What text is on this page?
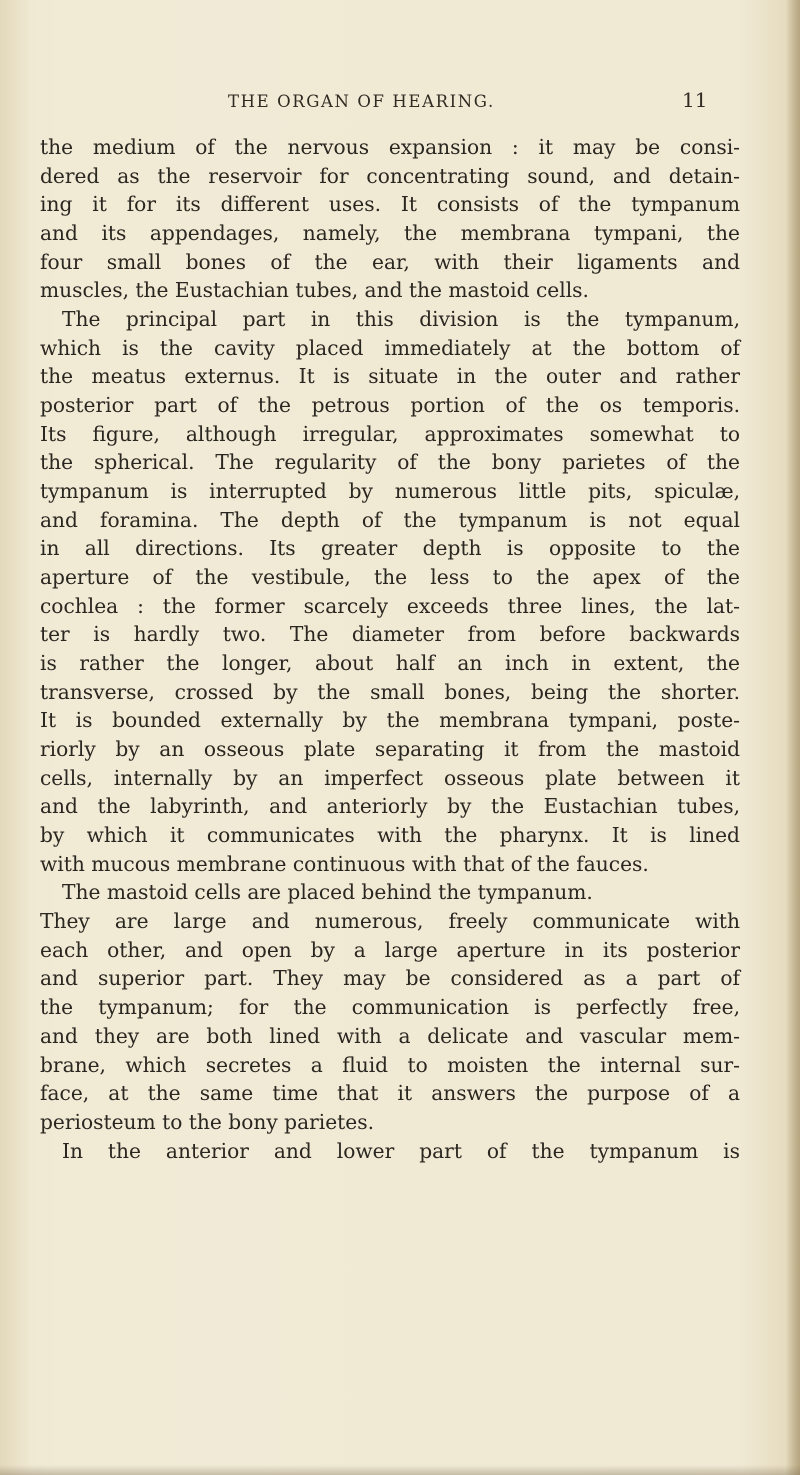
THE ORGAN OF HEARING.	11
the medium of the nervous expansion : it may be consi-
dered as the reservoir for concentrating sound, and detain-
ing it for its different uses. It consists of the tympanum
and its appendages, namely, the membrana tympani, the
four small bones of the ear, with their ligaments and
muscles, the Eustachian tubes, and the mastoid cells.
The principal part in this division is the tympanum,
which is the cavity placed immediately at the bottom of
the meatus externus. It is situate in the outer and rather
posterior part of the petrous portion of the os temporis.
Its figure, although irregular, approximates somewhat to
the spherical. The regularity of the bony parietes of the
tympanum is interrupted by numerous little pits, spiculæ,
and foramina. The depth of the tympanum is not equal
in all directions. Its greater depth is opposite to the
aperture of the vestibule, the less to the apex of the
cochlea : the former scarcely exceeds three lines, the lat-
ter is hardly two. The diameter from before backwards
is rather the longer, about half an inch in extent, the
transverse, crossed by the small bones, being the shorter.
It is bounded externally by the membrana tympani, poste-
riorly by an osseous plate separating it from the mastoid
cells, internally by an imperfect osseous plate between it
and the labyrinth, and anteriorly by the Eustachian tubes,
by which it communicates with the pharynx. It is lined
with mucous membrane continuous with that of the fauces.
The mastoid cells are placed behind the tympanum.
They are large and numerous, freely communicate with
each other, and open by a large aperture in its posterior
and superior part. They may be considered as a part of
the tympanum; for the communication is perfectly free,
and they are both lined with a delicate and vascular mem-
brane, which secretes a fluid to moisten the internal sur-
face, at the same time that it answers the purpose of a
periosteum to the bony parietes.
In the anterior and lower part of the tympanum is
